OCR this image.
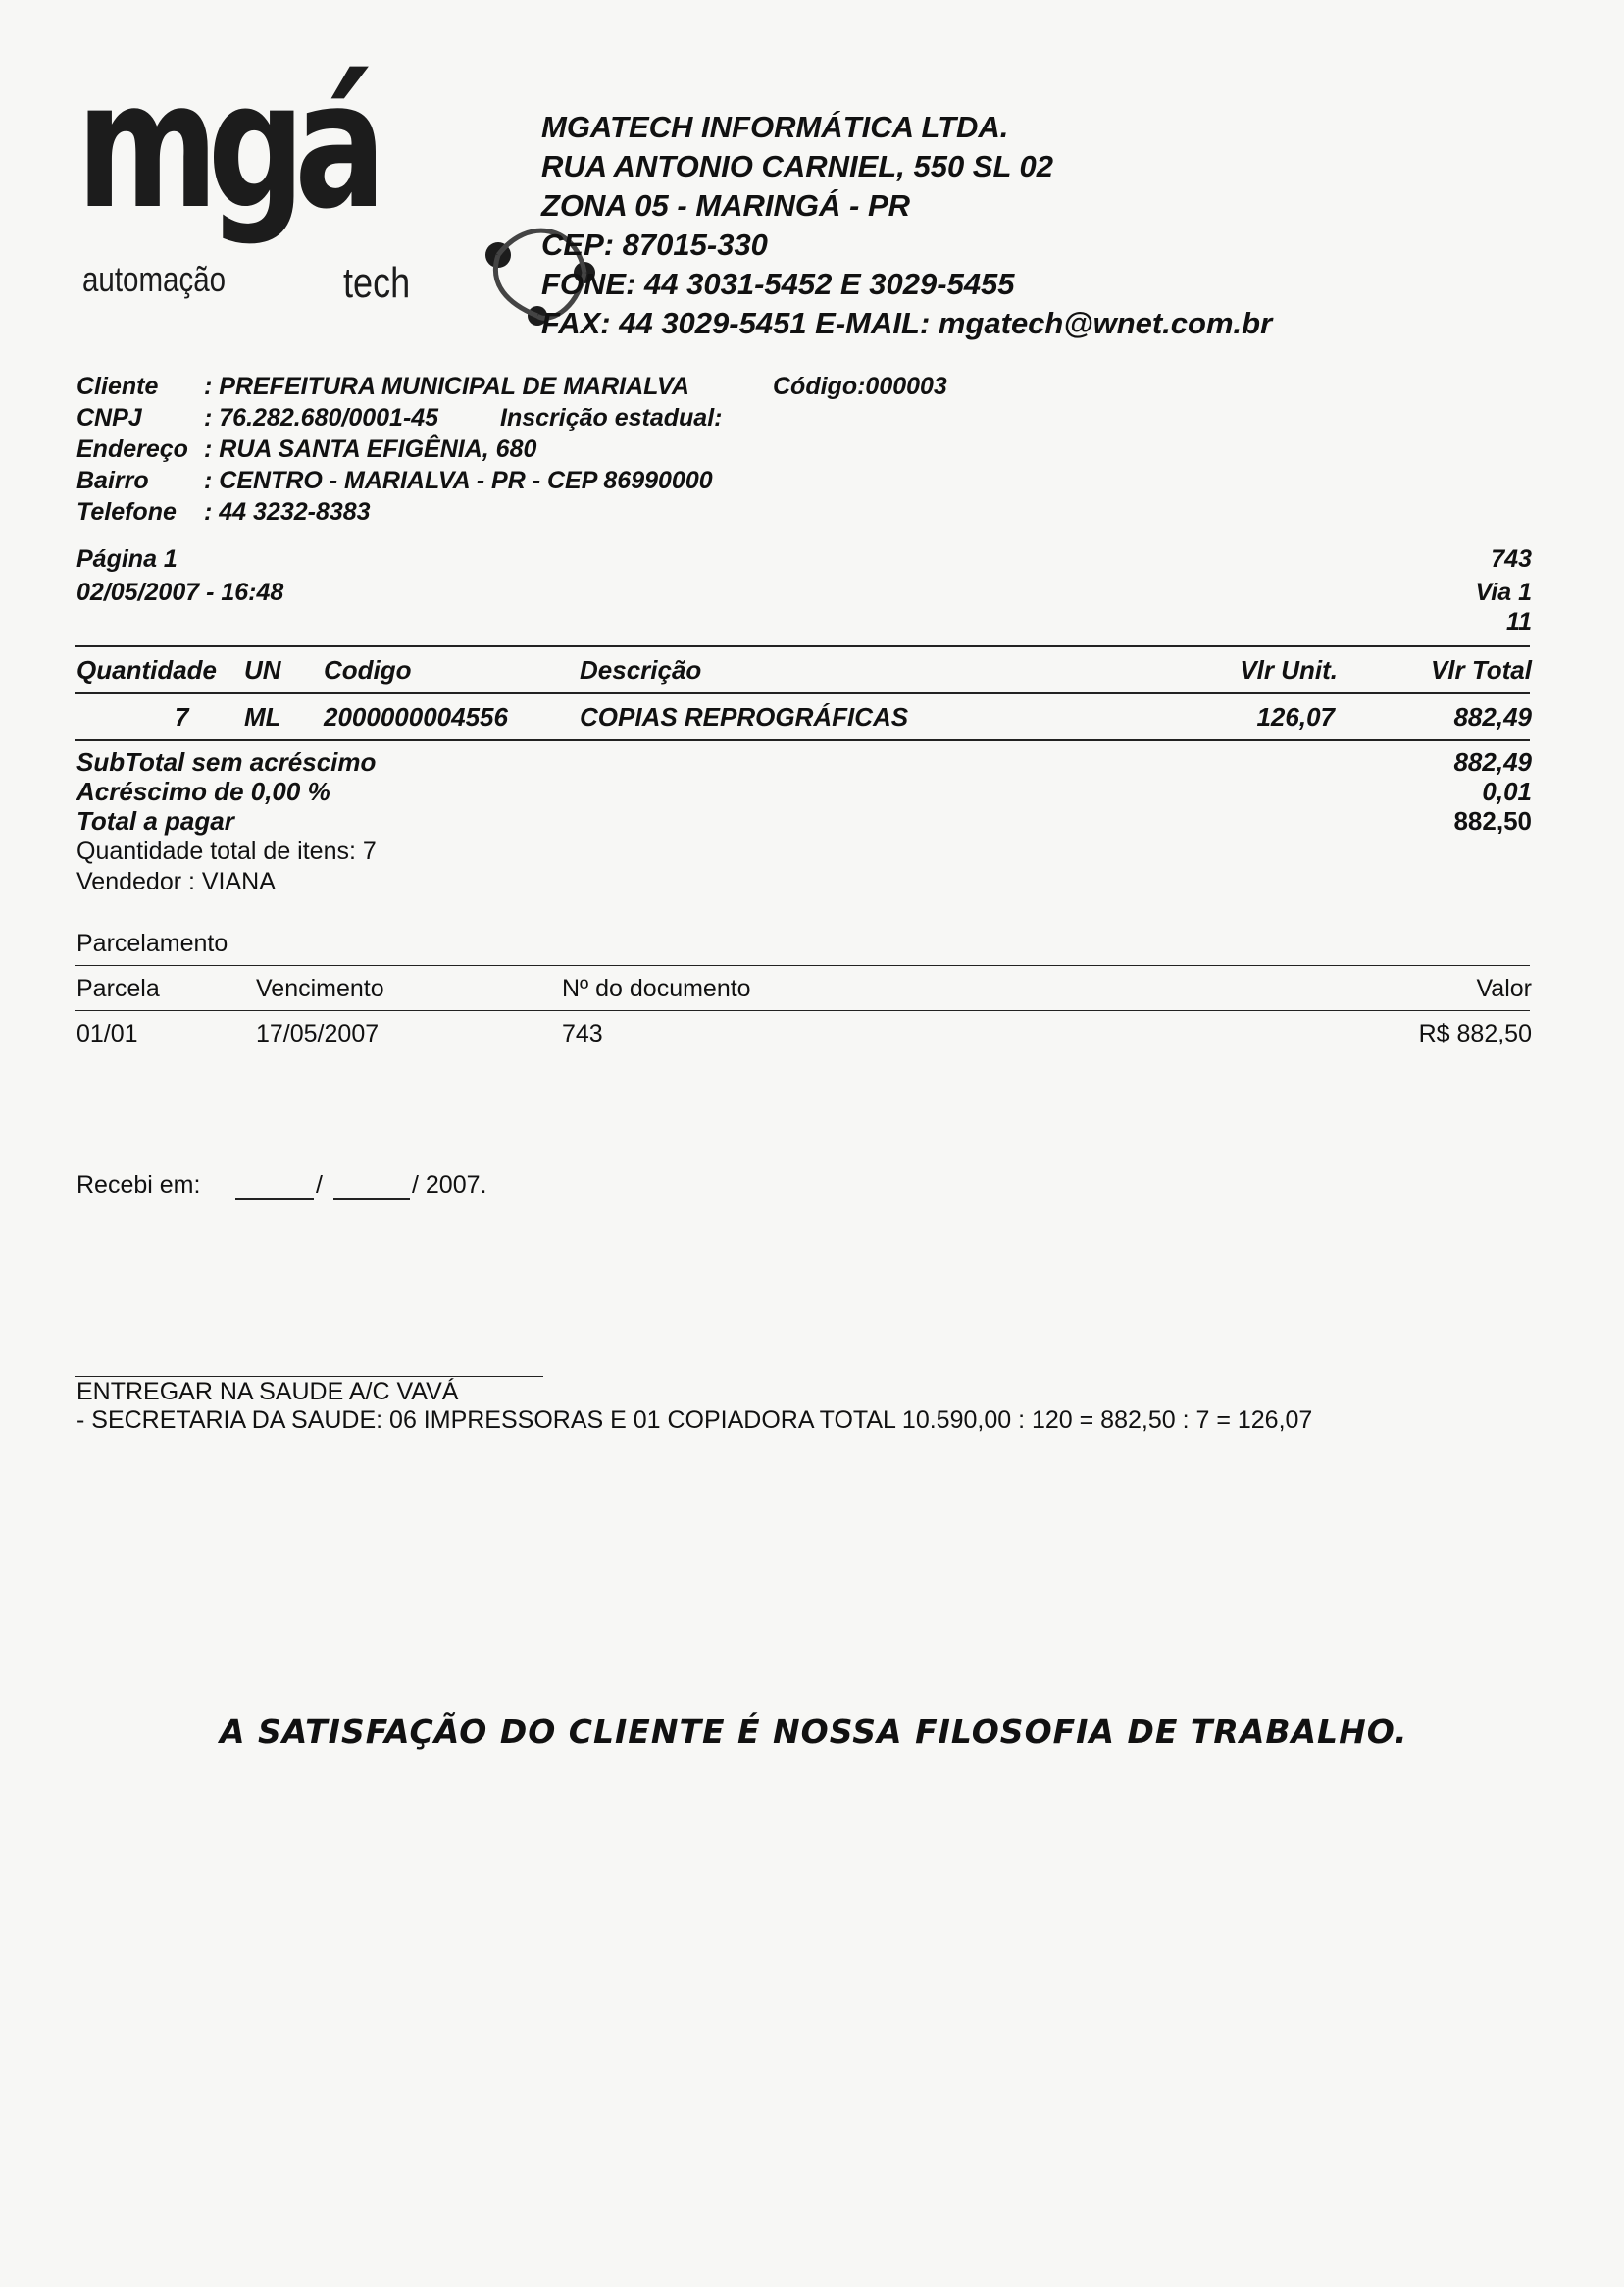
mgá
automação	tech
MGATECH INFORMÁTICA LTDA.
RUA ANTONIO CARNIEL, 550 SL 02
ZONA 05 - MARINGÁ - PR
CEP: 87015-330
FONE: 44 3031-5452 E 3029-5455
FAX: 44 3029-5451 E-MAIL: mgatech@wnet.com.br
Cliente : PREFEITURA MUNICIPAL DE MARIALVA	Código:000003
CNPJ	: 76.282.680/0001-45	Inscrição estadual:
Endereço : RUA SANTA EFIGÊNIA, 680
Bairro : CENTRO - MARIALVA - PR - CEP 86990000
Telefone : 44 3232-8383
Página 1
02/05/2007 - 16:48
743
Via 1
11
Quantidade UN Codigo	Descrição	Vlr Unit.	Vlr Total
7 ML 2000000004556	COPIAS REPROGRÁFICAS	126,07	882,49
SubTotal sem acréscimo	882,49
Acréscimo de 0,00 %	0,01
Total a pagar	882,50
Quantidade total de itens: 7
Vendedor : VIANA
Parcelamento
Parcela	Vencimento	Nº do documento	Valor
01/01	17/05/2007	743	R$ 882,50
Recebi em:	/	/ 2007.
ENTREGAR NA SAUDE A/C VAVÁ
- SECRETARIA DA SAUDE: 06 IMPRESSORAS E 01 COPIADORA TOTAL 10.590,00 : 120 = 882,50 : 7 = 126,07
A SATISFAÇÃO DO CLIENTE É NOSSA FILOSOFIA DE TRABALHO.
